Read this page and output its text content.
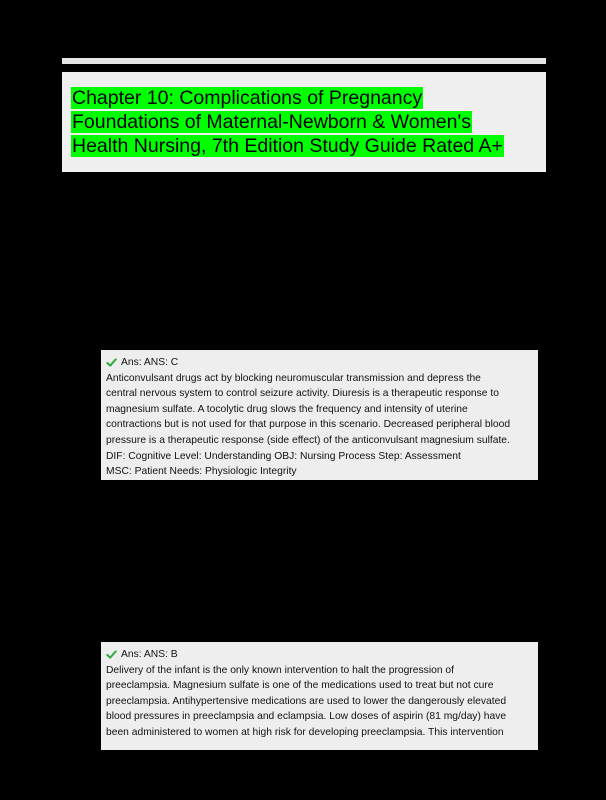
Chapter 10: Complications of Pregnancy
Foundations of Maternal-Newborn & Women's
Health Nursing, 7th Edition Study Guide Rated A+
Ans: ANS: C
Anticonvulsant drugs act by blocking neuromuscular transmission and depress the
central nervous system to control seizure activity. Diuresis is a therapeutic response to
magnesium sulfate. A tocolytic drug slows the frequency and intensity of uterine
contractions but is not used for that purpose in this scenario. Decreased peripheral blood
pressure is a therapeutic response (side effect) of the anticonvulsant magnesium sulfate.
DIF: Cognitive Level: Understanding OBJ: Nursing Process Step: Assessment
MSC: Patient Needs: Physiologic Integrity
Ans: ANS: B
Delivery of the infant is the only known intervention to halt the progression of
preeclampsia. Magnesium sulfate is one of the medications used to treat but not cure
preeclampsia. Antihypertensive medications are used to lower the dangerously elevated
blood pressures in preeclampsia and eclampsia. Low doses of aspirin (81 mg/day) have
been administered to women at high risk for developing preeclampsia. This intervention
